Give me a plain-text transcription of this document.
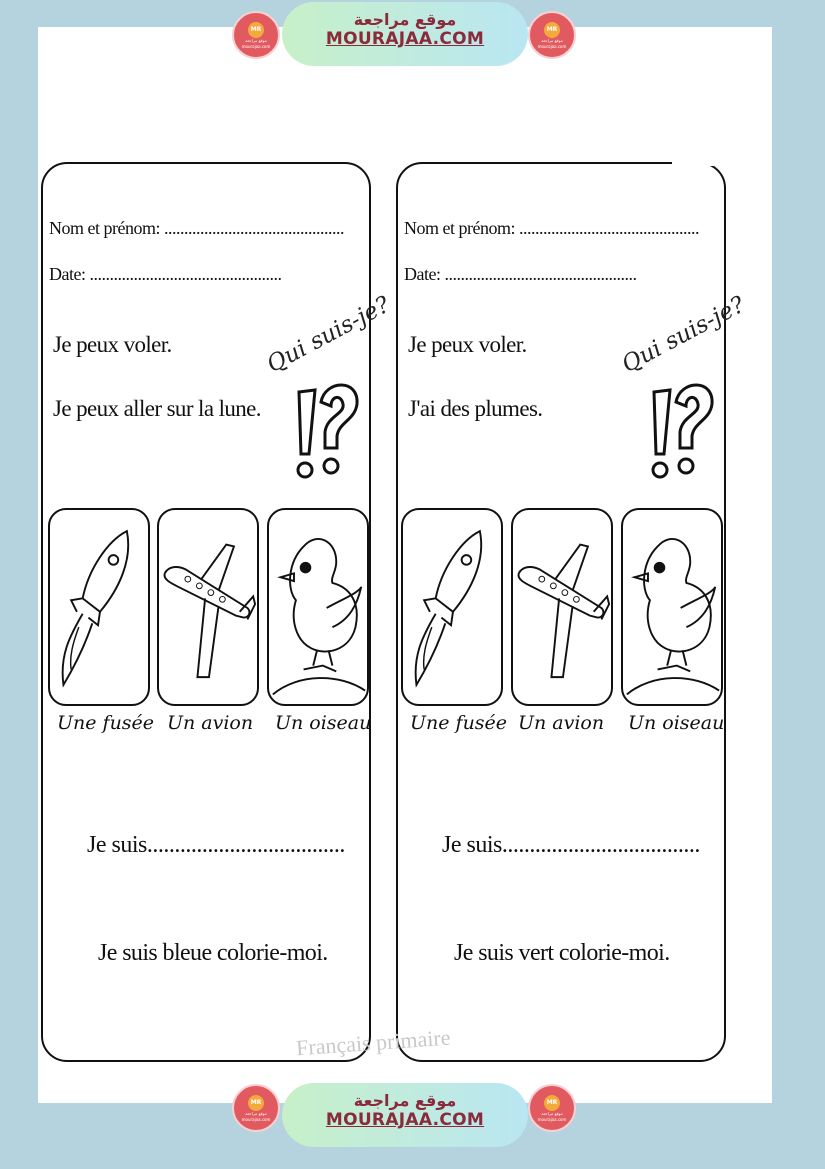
MR
موقع مراجعة mourajaa.com
موقع مراجعة
MOURAJAA.COM	MR
موقع مراجعة mourajaa.com
Nom et prénom: .............................................
Date: ................................................
Je peux voler.
Je peux aller sur la lune.
Qui suis-je?
Une fusée Un avion Un oiseau
Je suis....................................
Je suis bleue colorie-moi.
Nom et prénom: .............................................
Date: ................................................
Je peux voler.
J'ai des plumes.
Qui suis-je?
Une fusée Un avion Un oiseau
Je suis....................................
Je suis vert colorie-moi.
Français primaire
MR
موقع مراجعة mourajaa.com
موقع مراجعة
MOURAJAA.COM
MR
موقع مراجعة mourajaa.com
